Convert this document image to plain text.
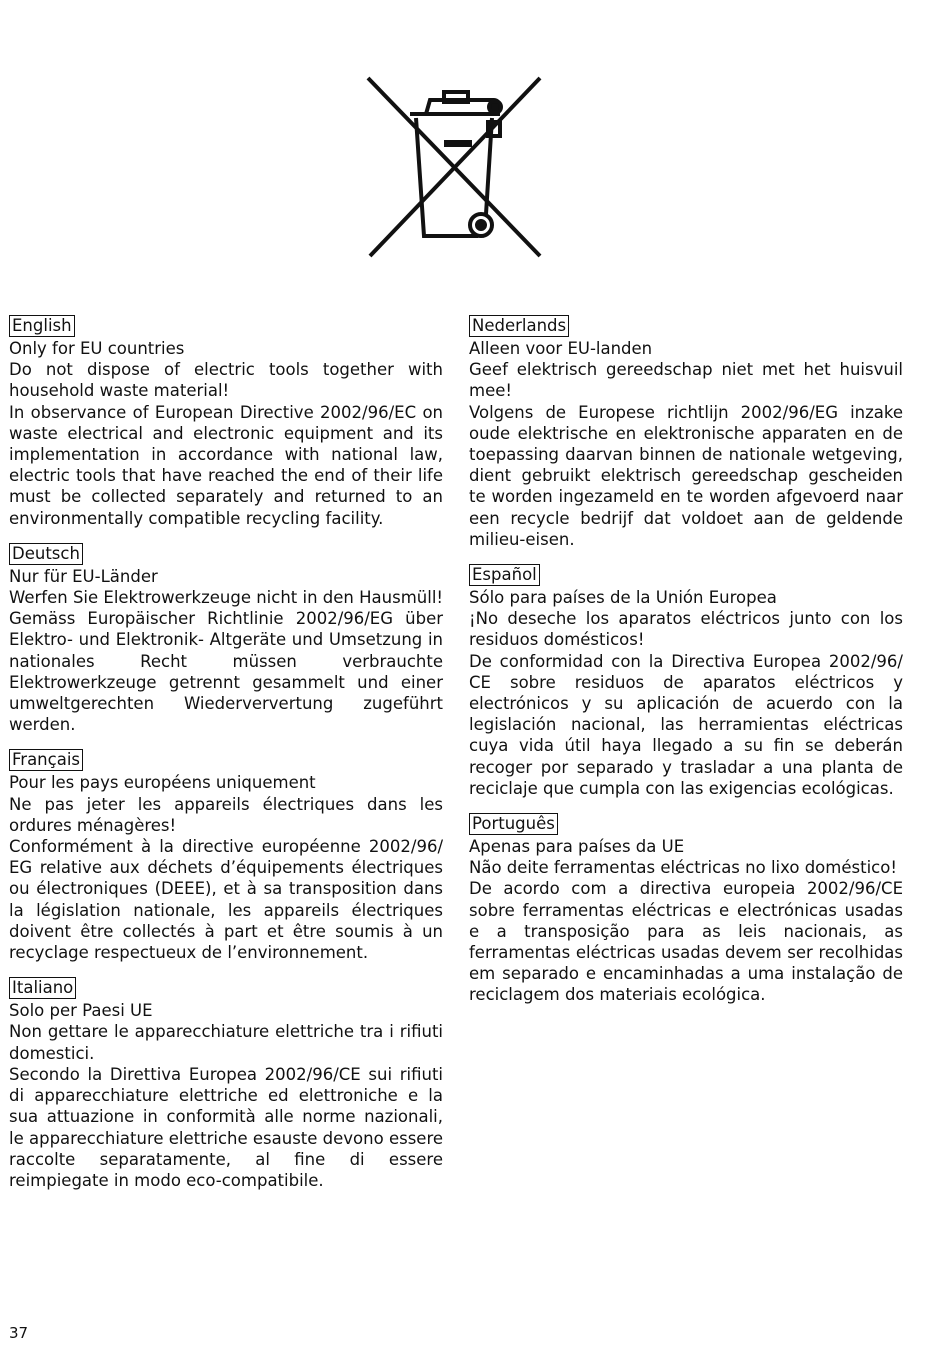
English
Only for EU countries
Do not dispose of electric tools together with household waste material!
In observance of European Directive 2002/96/EC on waste electrical and electronic equipment and its implementation in accordance with national law, electric tools that have reached the end of their life must be collected separately and returned to an environmentally compatible recycling facility.
Deutsch
Nur für EU-Länder
Werfen Sie Elektrowerkzeuge nicht in den Hausmüll!
Gemäss Europäischer Richtlinie 2002/96/EG über Elektro- und Elektronik- Altgeräte und Umsetzung in nationales Recht müssen verbrauchte Elektrowerkzeuge getrennt gesammelt und einer umweltgerechten Wiederververtung zugeführt werden.
Français
Pour les pays européens uniquement
Ne pas jeter les appareils électriques dans les ordures ménagères!
Conformément à la directive européenne 2002/96/ EG relative aux déchets d’équipements électriques ou électroniques (DEEE), et à sa transposition dans la législation nationale, les appareils électriques doivent être collectés à part et être soumis à un recyclage respectueux de l’environnement.
Italiano
Solo per Paesi UE
Non gettare le apparecchiature elettriche tra i rifiuti domestici.
Secondo la Direttiva Europea 2002/96/CE sui rifiuti di apparecchiature elettriche ed elettroniche e la sua attuazione in conformità alle norme nazionali, le apparecchiature elettriche esauste devono essere raccolte separatamente, al fine di essere reimpiegate in modo eco-compatibile.
Nederlands
Alleen voor EU-landen
Geef elektrisch gereedschap niet met het huisvuil mee!
Volgens de Europese richtlijn 2002/96/EG inzake oude elektrische en elektronische apparaten en de toepassing daarvan binnen de nationale wetgeving, dient gebruikt elektrisch gereedschap gescheiden te worden ingezameld en te worden afgevoerd naar een recycle bedrijf dat voldoet aan de geldende milieu-eisen.
Español
Sólo para países de la Unión Europea
¡No deseche los aparatos eléctricos junto con los residuos domésticos!
De conformidad con la Directiva Europea 2002/96/ CE sobre residuos de aparatos eléctricos y electrónicos y su aplicación de acuerdo con la legislación nacional, las herramientas eléctricas cuya vida útil haya llegado a su fin se deberán recoger por separado y trasladar a una planta de reciclaje que cumpla con las exigencias ecológicas.
Português
Apenas para países da UE
Não deite ferramentas eléctricas no lixo doméstico!
De acordo com a directiva europeia 2002/96/CE sobre ferramentas eléctricas e electrónicas usadas e a transposição para as leis nacionais, as ferramentas eléctricas usadas devem ser recolhidas em separado e encaminhadas a uma instalação de reciclagem dos materiais ecológica.
37
